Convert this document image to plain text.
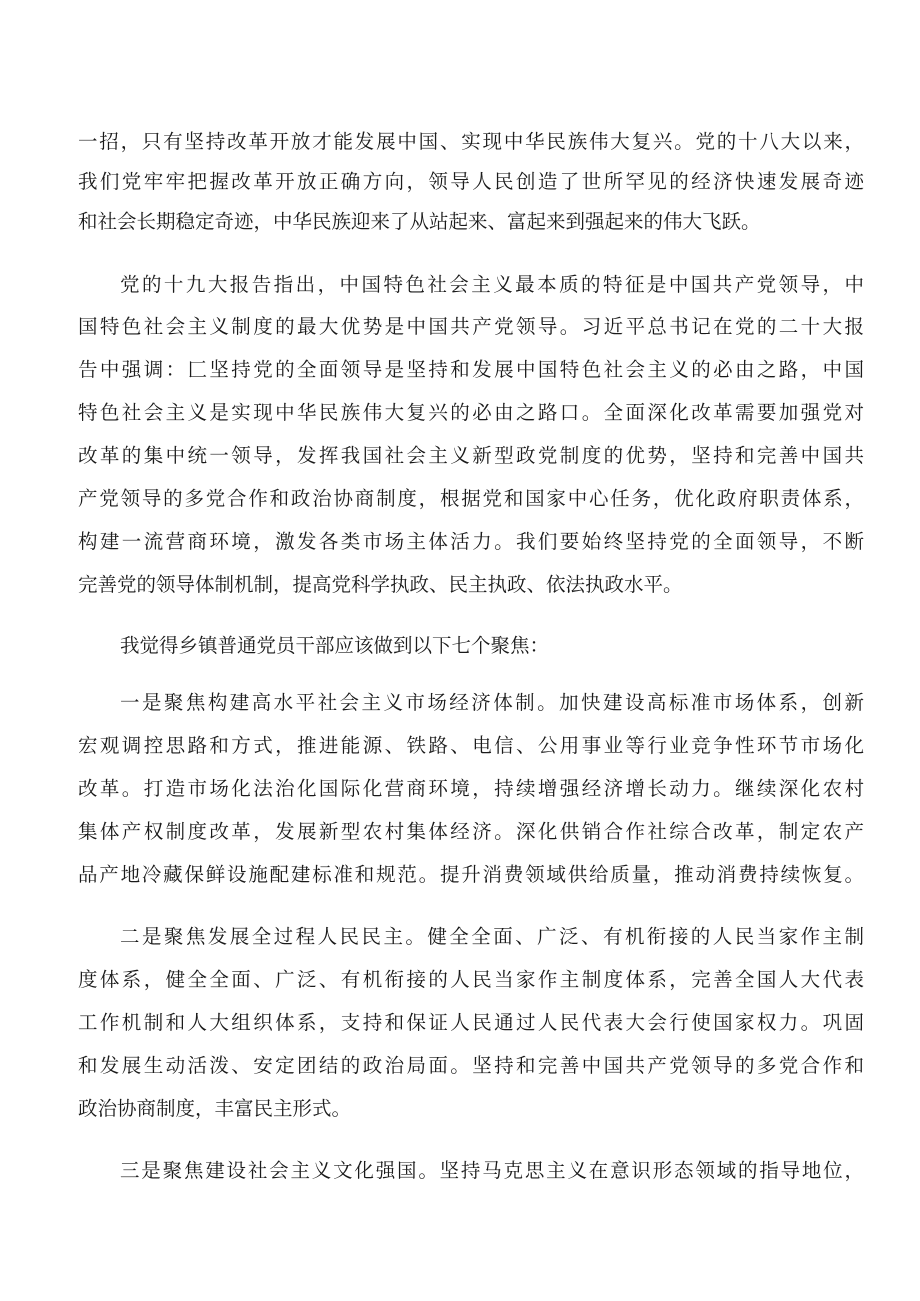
一招，只有坚持改革开放才能发展中国、实现中华民族伟大复兴。党的十八大以来，
我们党牢牢把握改革开放正确方向，领导人民创造了世所罕见的经济快速发展奇迹
和社会长期稳定奇迹，中华民族迎来了从站起来、富起来到强起来的伟大飞跃。
党的十九大报告指出，中国特色社会主义最本质的特征是中国共产党领导，中
国特色社会主义制度的最大优势是中国共产党领导。习近平总书记在党的二十大报
告中强调：匚坚持党的全面领导是坚持和发展中国特色社会主义的必由之路，中国
特色社会主义是实现中华民族伟大复兴的必由之路口。全面深化改革需要加强党对
改革的集中统一领导，发挥我国社会主义新型政党制度的优势，坚持和完善中国共
产党领导的多党合作和政治协商制度，根据党和国家中心任务，优化政府职责体系，
构建一流营商环境，激发各类市场主体活力。我们要始终坚持党的全面领导，不断
完善党的领导体制机制，提高党科学执政、民主执政、依法执政水平。
我觉得乡镇普通党员干部应该做到以下七个聚焦：
一是聚焦构建高水平社会主义市场经济体制。加快建设高标准市场体系，创新
宏观调控思路和方式，推进能源、铁路、电信、公用事业等行业竞争性环节市场化
改革。打造市场化法治化国际化营商环境，持续增强经济增长动力。继续深化农村
集体产权制度改革，发展新型农村集体经济。深化供销合作社综合改革，制定农产
品产地冷藏保鲜设施配建标准和规范。提升消费领域供给质量，推动消费持续恢复。
二是聚焦发展全过程人民民主。健全全面、广泛、有机衔接的人民当家作主制
度体系，健全全面、广泛、有机衔接的人民当家作主制度体系，完善全国人大代表
工作机制和人大组织体系，支持和保证人民通过人民代表大会行使国家权力。巩固
和发展生动活泼、安定团结的政治局面。坚持和完善中国共产党领导的多党合作和
政治协商制度，丰富民主形式。
三是聚焦建设社会主义文化强国。坚持马克思主义在意识形态领域的指导地位，
